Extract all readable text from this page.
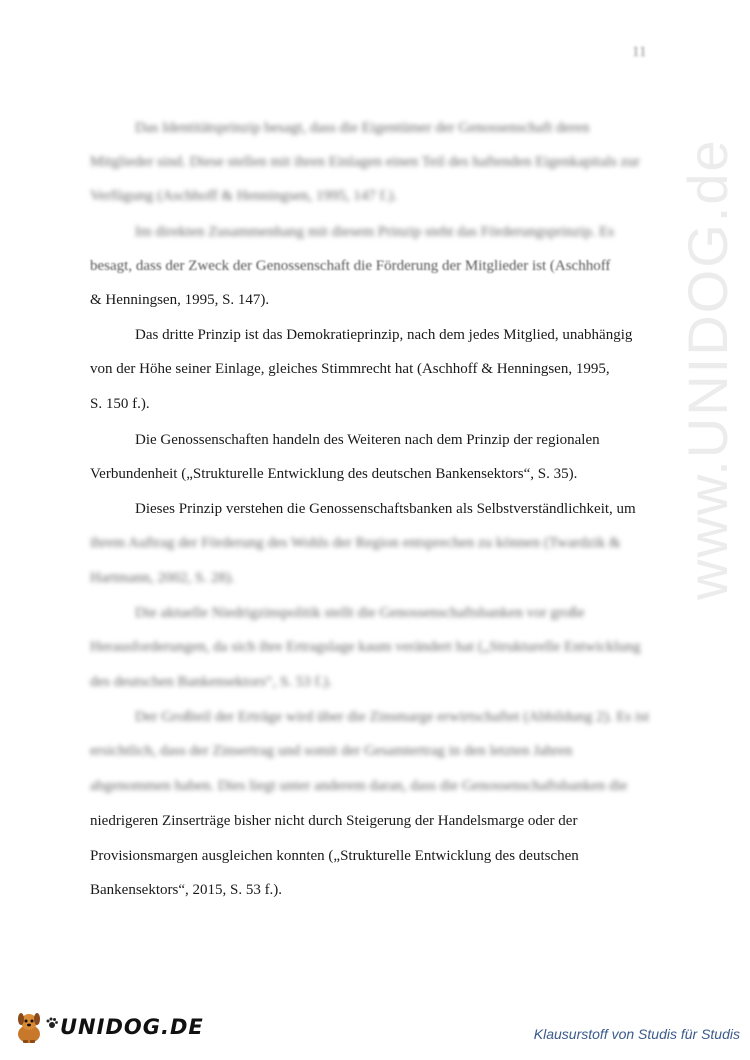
11
www.UNIDOG.de
Das Identitätsprinzip besagt, dass die Eigentümer der Genossenschaft deren
Mitglieder sind. Diese stellen mit ihren Einlagen einen Teil des haftenden Eigenkapitals zur
Verfügung (Aschhoff & Henningsen, 1995, 147 f.).
Im direkten Zusammenhang mit diesem Prinzip steht das Förderungsprinzip. Es
besagt, dass der Zweck der Genossenschaft die Förderung der Mitglieder ist (Aschhoff
& Henningsen, 1995, S. 147).
Das dritte Prinzip ist das Demokratieprinzip, nach dem jedes Mitglied, unabhängig
von der Höhe seiner Einlage, gleiches Stimmrecht hat (Aschhoff & Henningsen, 1995,
S. 150 f.).
Die Genossenschaften handeln des Weiteren nach dem Prinzip der regionalen
Verbundenheit („Strukturelle Entwicklung des deutschen Bankensektors“, S. 35).
Dieses Prinzip verstehen die Genossenschaftsbanken als Selbstverständlichkeit, um
ihrem Auftrag der Förderung des Wohls der Region entsprechen zu können (Twardzik &
Hartmann, 2002, S. 28).
Die aktuelle Niedrigzinspolitik stellt die Genossenschaftsbanken vor große
Herausforderungen, da sich ihre Ertragslage kaum verändert hat („Strukturelle Entwicklung
des deutschen Bankensektors“, S. 53 f.).
Der Großteil der Erträge wird über die Zinsmarge erwirtschaftet (Abbildung 2). Es ist
ersichtlich, dass der Zinsertrag und somit der Gesamtertrag in den letzten Jahren
abgenommen haben. Dies liegt unter anderem daran, dass die Genossenschaftsbanken die
niedrigeren Zinserträge bisher nicht durch Steigerung der Handelsmarge oder der
Provisionsmargen ausgleichen konnten („Strukturelle Entwicklung des deutschen
Bankensektors“, 2015, S. 53 f.).
UNIDOG.DE	Klausurstoff von Studis für Studis
